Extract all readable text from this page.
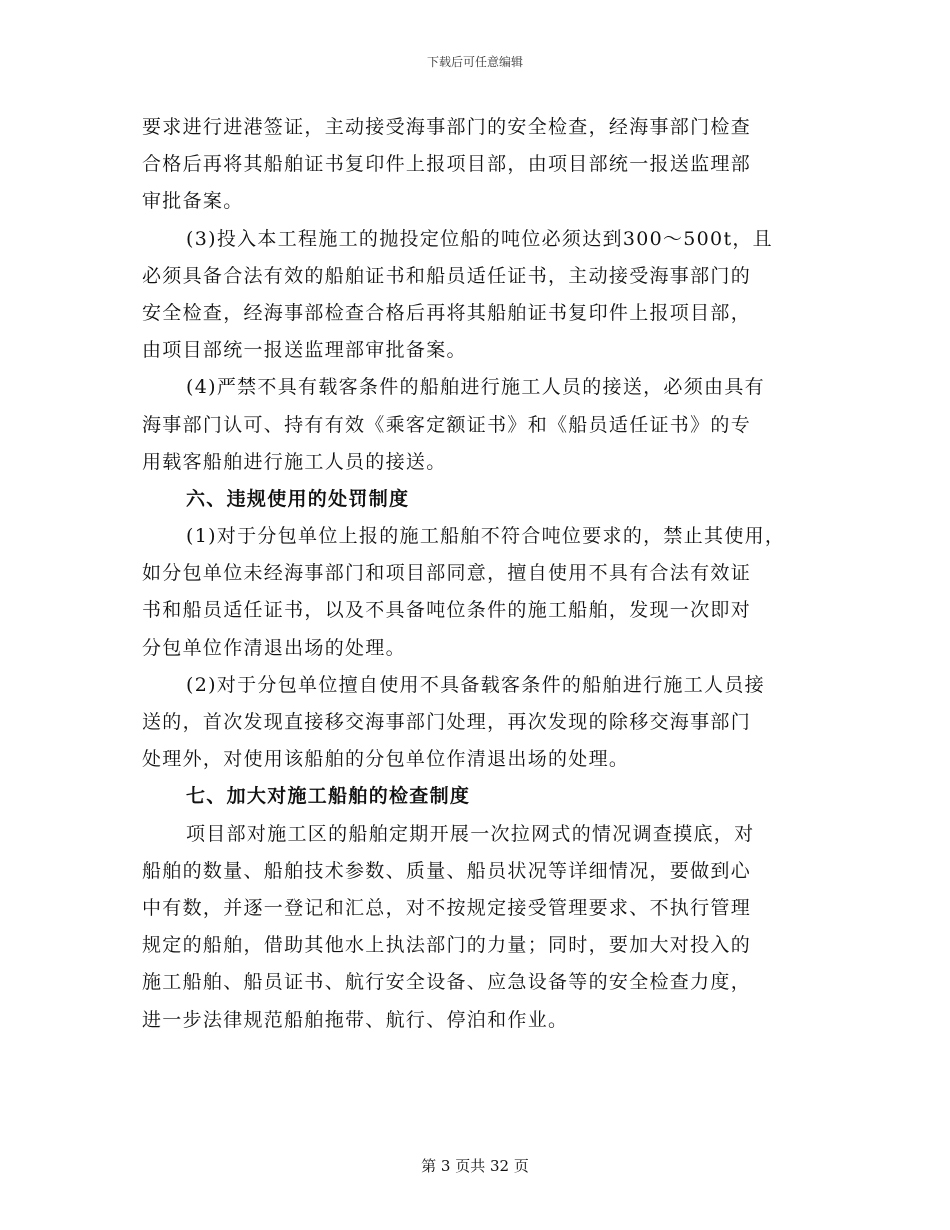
下载后可任意编辑
要求进行进港签证，主动接受海事部门的安全检查，经海事部门检查
合格后再将其船舶证书复印件上报项目部，由项目部统一报送监理部
审批备案。
(3)投入本工程施工的抛投定位船的吨位必须达到300～500t，且
必须具备合法有效的船舶证书和船员适任证书，主动接受海事部门的
安全检查，经海事部检查合格后再将其船舶证书复印件上报项目部，
由项目部统一报送监理部审批备案。
(4)严禁不具有载客条件的船舶进行施工人员的接送，必须由具有
海事部门认可、持有有效《乘客定额证书》和《船员适任证书》的专
用载客船舶进行施工人员的接送。
六、违规使用的处罚制度
(1)对于分包单位上报的施工船舶不符合吨位要求的，禁止其使用，
如分包单位未经海事部门和项目部同意，擅自使用不具有合法有效证
书和船员适任证书，以及不具备吨位条件的施工船舶，发现一次即对
分包单位作清退出场的处理。
(2)对于分包单位擅自使用不具备载客条件的船舶进行施工人员接
送的，首次发现直接移交海事部门处理，再次发现的除移交海事部门
处理外，对使用该船舶的分包单位作清退出场的处理。
七、加大对施工船舶的检查制度
项目部对施工区的船舶定期开展一次拉网式的情况调查摸底，对
船舶的数量、船舶技术参数、质量、船员状况等详细情况，要做到心
中有数，并逐一登记和汇总，对不按规定接受管理要求、不执行管理
规定的船舶，借助其他水上执法部门的力量；同时，要加大对投入的
施工船舶、船员证书、航行安全设备、应急设备等的安全检查力度，
进一步法律规范船舶拖带、航行、停泊和作业。
第 3 页共 32 页
